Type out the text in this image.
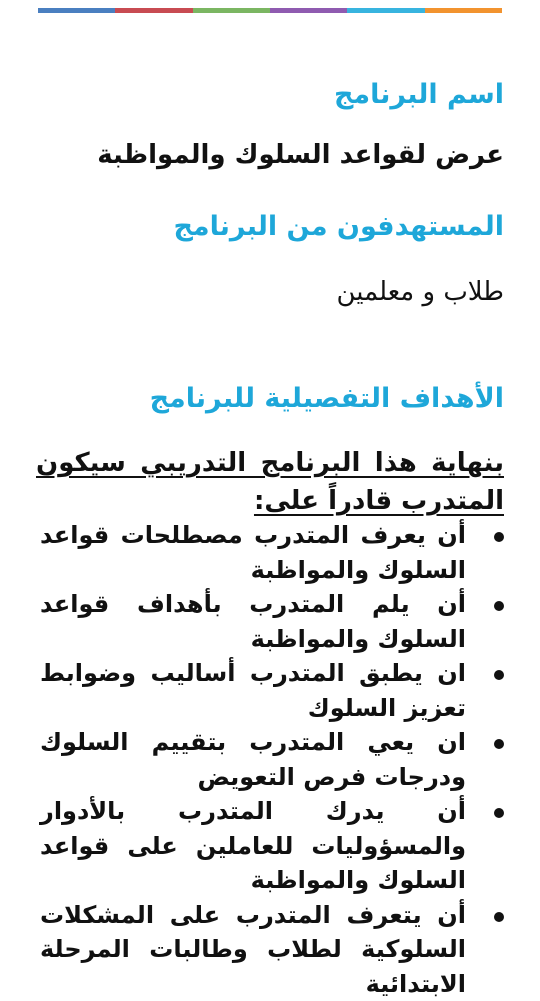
اسم البرنامج

عرض لقواعد السلوك والمواظبة

المستهدفون من البرنامج

طلاب و معلمين

الأهداف التفصيلية للبرنامج

بنهاية هذا البرنامج التدريبي سيكون المتدرب قادراً على:

أن يعرف المتدرب مصطلحات قواعد السلوك والمواظبة
أن يلم المتدرب بأهداف قواعد السلوك والمواظبة
ان يطبق المتدرب أساليب وضوابط تعزيز السلوك
ان يعي المتدرب بتقييم السلوك ودرجات فرص التعويض
أن يدرك المتدرب بالأدوار والمسؤوليات للعاملين على قواعد السلوك والمواظبة
أن يتعرف المتدرب على المشكلات السلوكية لطلاب وطالبات المرحلة الابتدائية
